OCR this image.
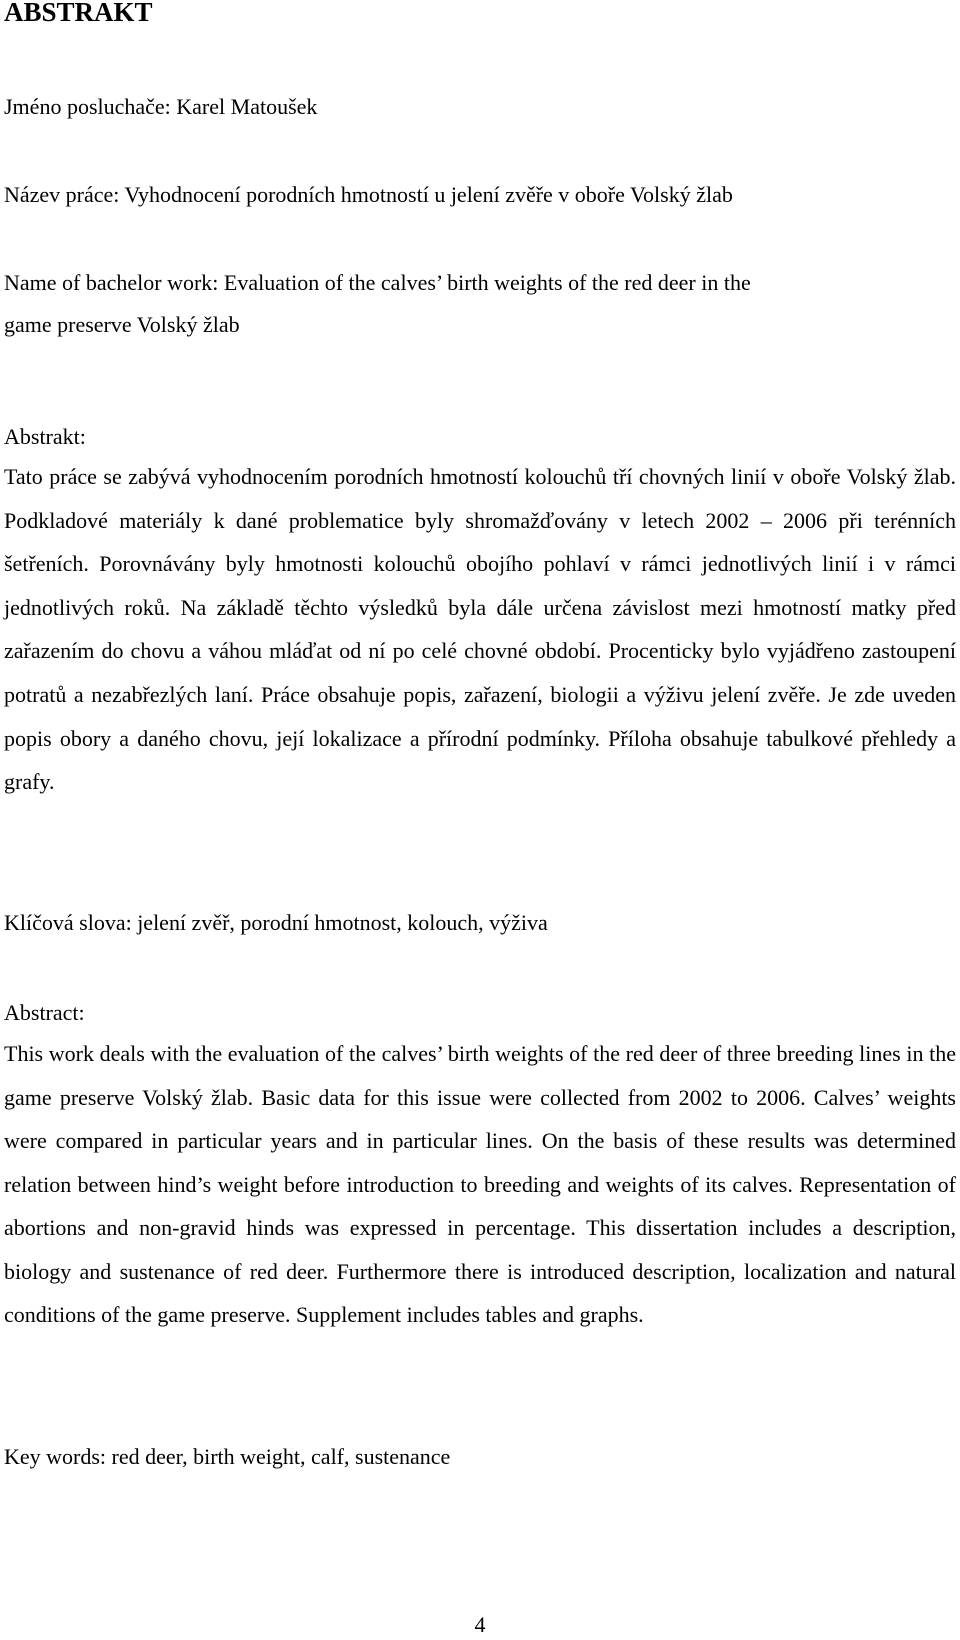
ABSTRAKT

Jméno posluchače: Karel Matoušek

Název práce: Vyhodnocení porodních hmotností u jelení zvěře v oboře Volský žlab

Name of bachelor work: Evaluation of the calves’ birth weights of the red deer in the

game preserve Volský žlab

Abstrakt:

Tato práce se zabývá vyhodnocením porodních hmotností kolouchů tří chovných linií v oboře Volský žlab. Podkladové materiály k dané problematice byly shromažďovány v letech 2002 – 2006 při terénních šetřeních. Porovnávány byly hmotnosti kolouchů obojího pohlaví v rámci jednotlivých linií i v rámci jednotlivých roků. Na základě těchto výsledků byla dále určena závislost mezi hmotností matky před zařazením do chovu a váhou mláďat od ní po celé chovné období. Procenticky bylo vyjádřeno zastoupení potratů a nezabřezlých laní. Práce obsahuje popis, zařazení, biologii a výživu jelení zvěře. Je zde uveden popis obory a daného chovu, její lokalizace a přírodní podmínky. Příloha obsahuje tabulkové přehledy a grafy.

Klíčová slova: jelení zvěř, porodní hmotnost, kolouch, výživa

Abstract:

This work deals with the evaluation of the calves’ birth weights of the red deer of three breeding lines in the game preserve Volský žlab. Basic data for this issue were collected from 2002 to 2006. Calves’ weights were compared in particular years and in particular lines. On the basis of these results was determined relation between hind’s weight before introduction to breeding and weights of its calves. Representation of abortions and non-gravid hinds was expressed in percentage. This dissertation includes a description, biology and sustenance of red deer. Furthermore there is introduced description, localization and natural conditions of the game preserve. Supplement includes tables and graphs.

Key words: red deer, birth weight, calf, sustenance

4
